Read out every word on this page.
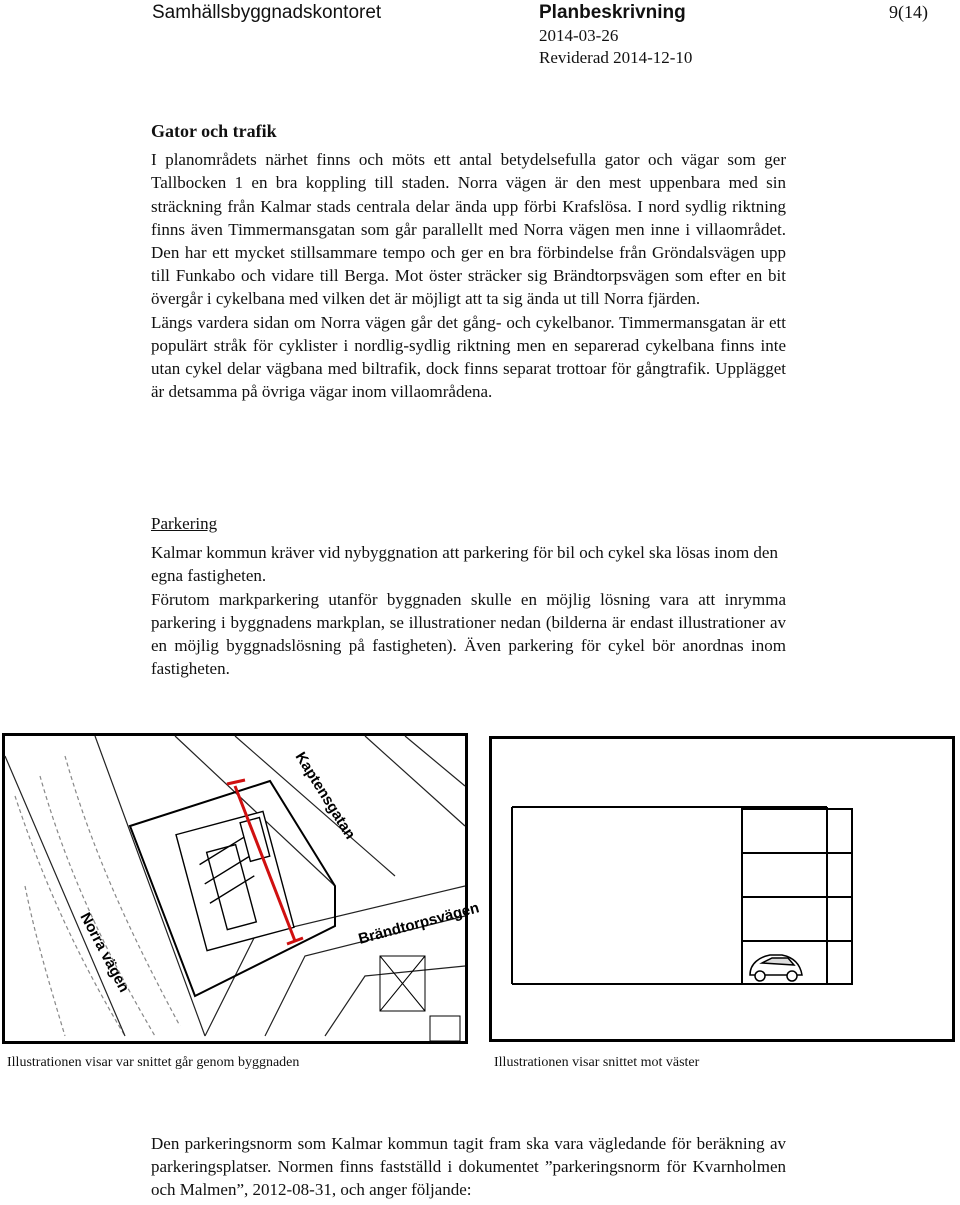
Samhällsbyggnadskontoret	Planbeskrivning	9(14)
2014-03-26
Reviderad 2014-12-10

Gator och trafik

I planområdets närhet finns och möts ett antal betydelsefulla gator och vägar som ger Tallbocken 1 en bra koppling till staden. Norra vägen är den mest uppenbara med sin sträckning från Kalmar stads centrala delar ända upp förbi Krafslösa. I nord sydlig riktning finns även Timmermansgatan som går parallellt med Norra vägen men inne i villaområdet. Den har ett mycket stillsammare tempo och ger en bra förbindelse från Gröndalsvägen upp till Funkabo och vidare till Berga. Mot öster sträcker sig Brändtorpsvägen som efter en bit övergår i cykelbana med vilken det är möjligt att ta sig ända ut till Norra fjärden.

Längs vardera sidan om Norra vägen går det gång- och cykelbanor. Timmermansgatan är ett populärt stråk för cyklister i nordlig-sydlig riktning men en separerad cykelbana finns inte utan cykel delar vägbana med biltrafik, dock finns separat trottoar för gångtrafik. Upplägget är detsamma på övriga vägar inom villaområdena.

Parkering

Kalmar kommun kräver vid nybyggnation att parkering för bil och cykel ska lösas inom den egna fastigheten.

Förutom markparkering utanför byggnaden skulle en möjlig lösning vara att inrymma parkering i byggnadens markplan, se illustrationer nedan (bilderna är endast illustrationer av en möjlig byggnadslösning på fastigheten). Även parkering för cykel bör anordnas inom fastigheten.

Kaptensgatan
Norra vägen	Brändtorpsvägen
Illustrationen visar var snittet går genom byggnaden	Illustrationen visar snittet mot väster
Den parkeringsnorm som Kalmar kommun tagit fram ska vara vägledande för beräkning av parkeringsplatser. Normen finns fastställd i dokumentet ”parkeringsnorm för Kvarnholmen och Malmen”, 2012-08-31, och anger följande:
